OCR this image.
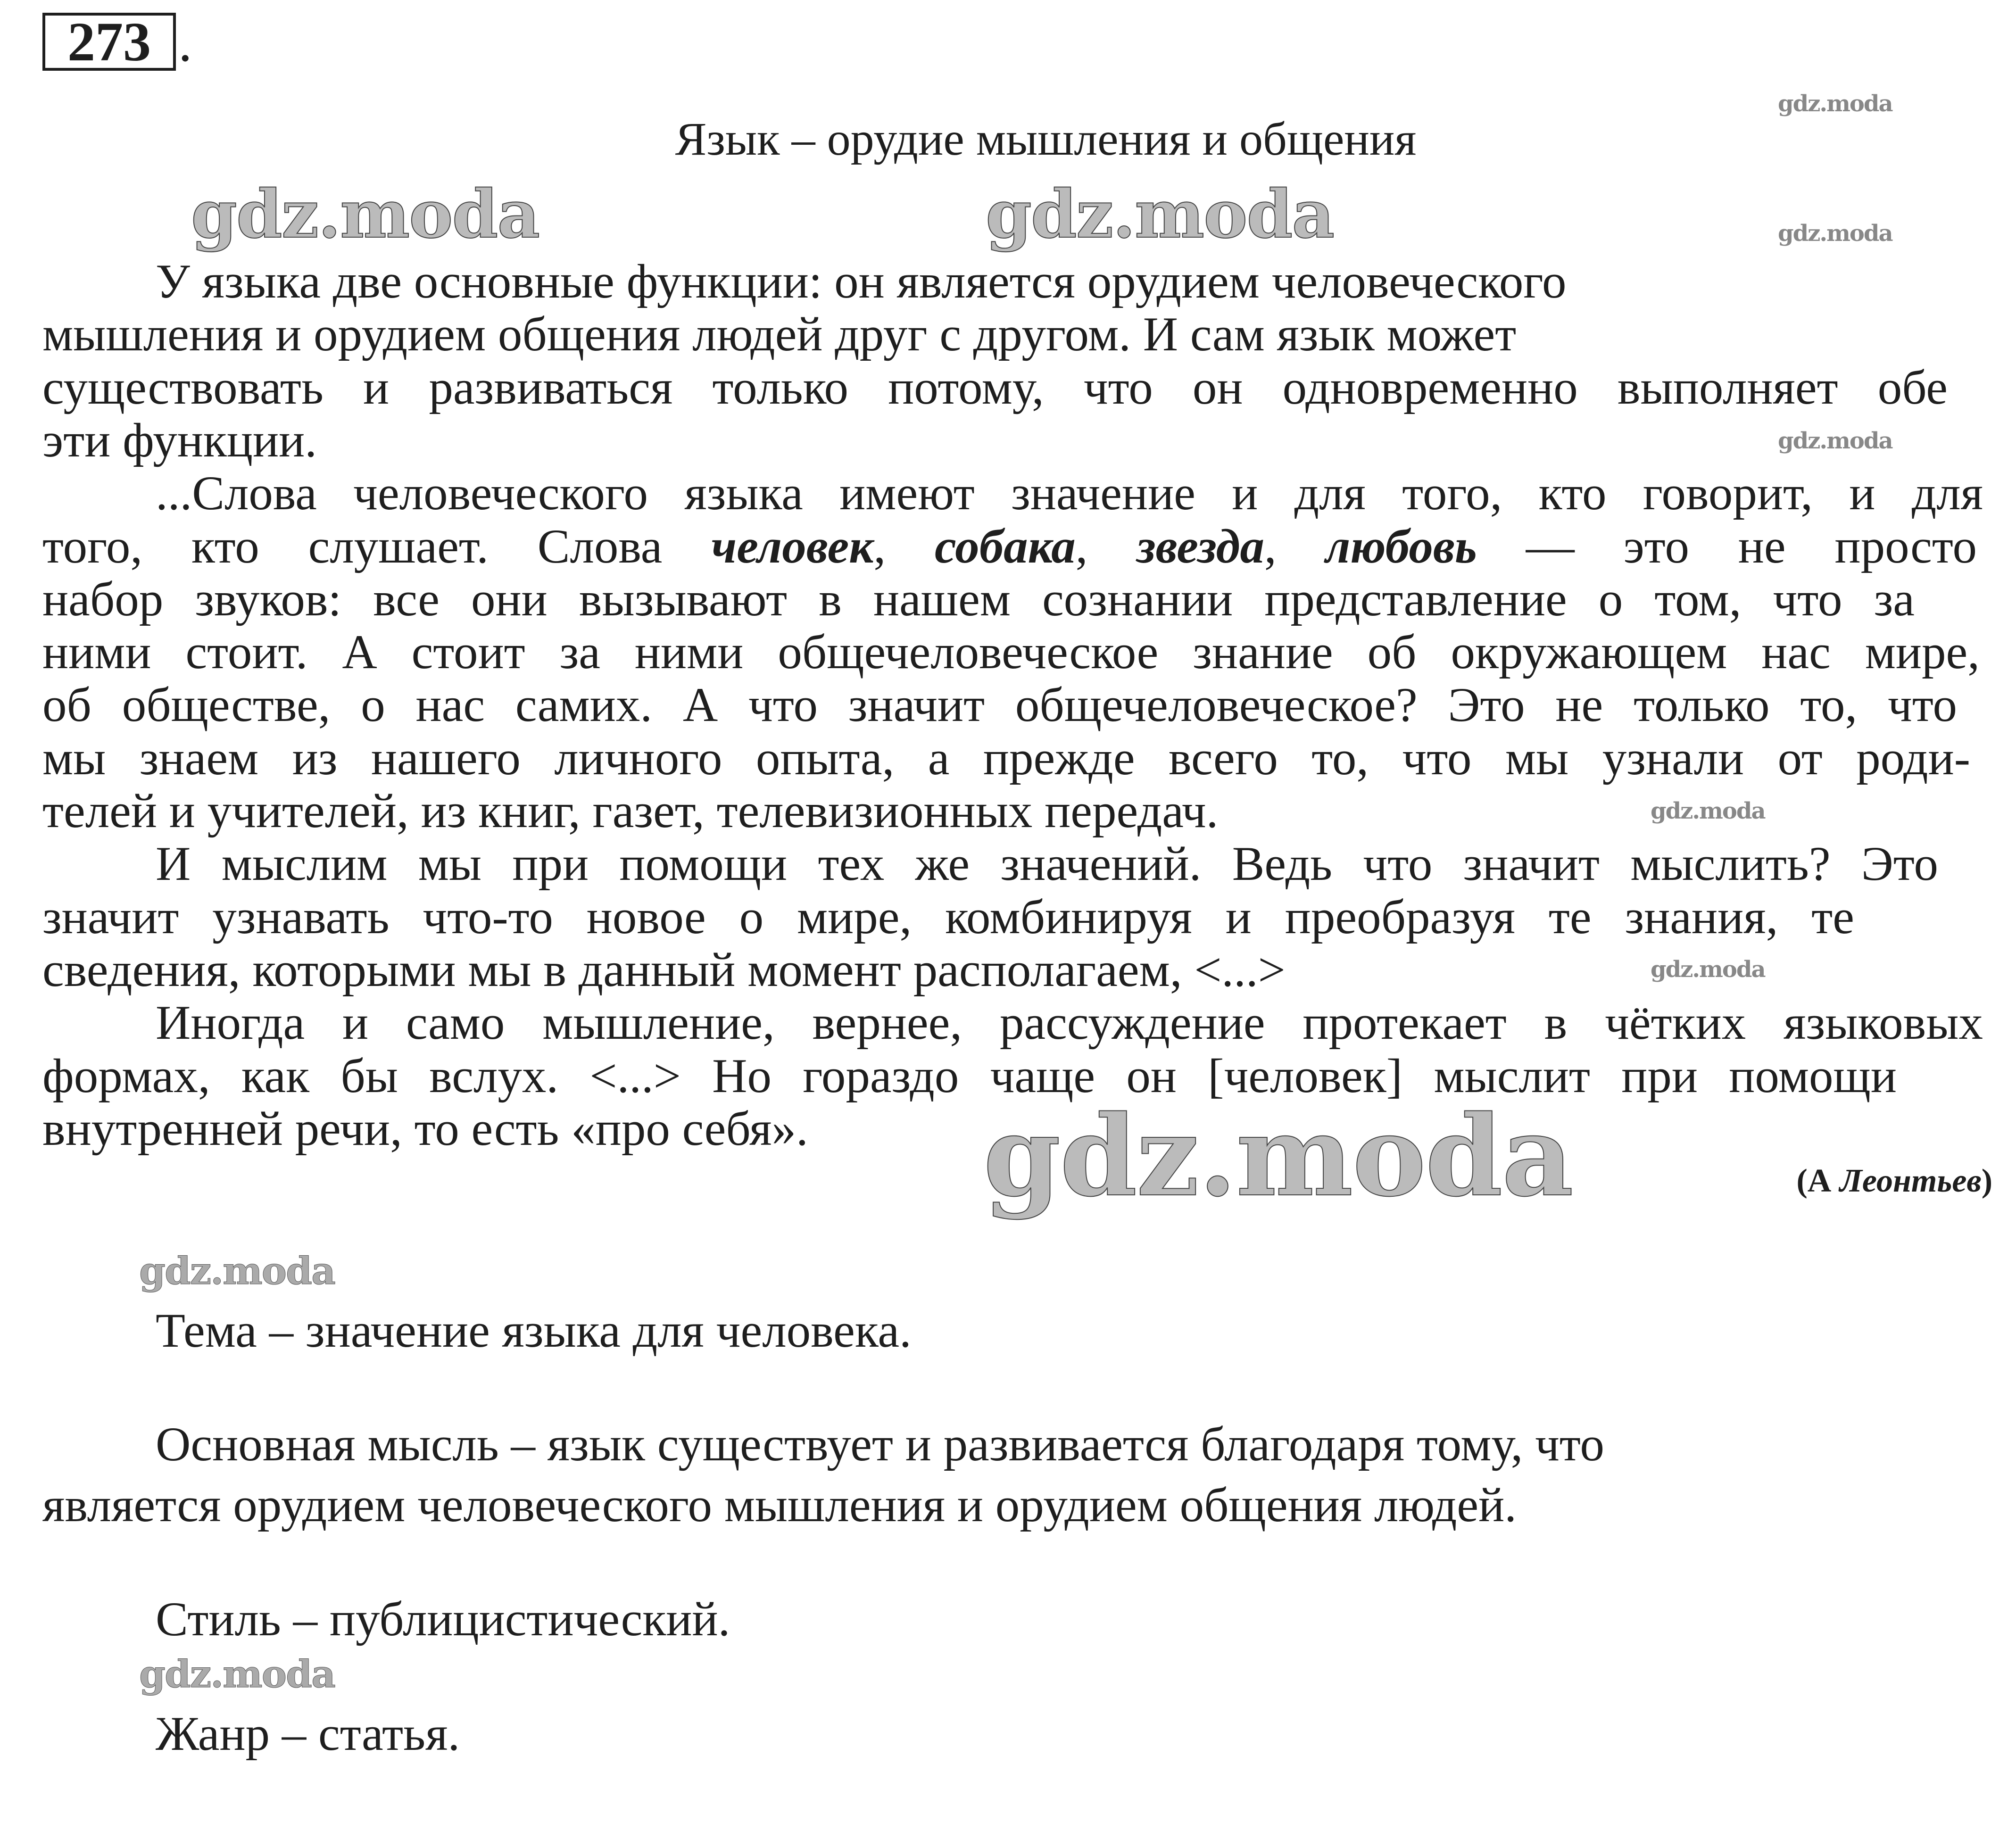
273 .
Язык – орудие мышления и общения
У языка две основные функции: он является орудием человеческого
мышления и орудием общения людей друг с другом. И сам язык может
существовать и развиваться только потому, что он одновременно выполняет обе
эти функции.
...Слова человеческого языка имеют значение и для того, кто говорит, и для
того, кто слушает. Слова человек, собака, звезда, любовь — это не просто
набор звуков: все они вызывают в нашем сознании представление о том, что за
ними стоит. А стоит за ними общечеловеческое знание об окружающем нас мире,
об обществе, о нас самих. А что значит общечеловеческое? Это не только то, что
мы знаем из нашего личного опыта, а прежде всего то, что мы узнали от роди-
телей и учителей, из книг, газет, телевизионных передач.
И мыслим мы при помощи тех же значений. Ведь что значит мыслить? Это
значит узнавать что-то новое о мире, комбинируя и преобразуя те знания, те
сведения, которыми мы в данный момент располагаем, <...>
Иногда и само мышление, вернее, рассуждение протекает в чётких языковых
формах, как бы вслух. <...> Но гораздо чаще он [человек] мыслит при помощи
внутренней речи, то есть «про себя».
(А Леонтьев)
Тема – значение языка для человека.
Основная мысль – язык существует и развивается благодаря тому, что
является орудием человеческого мышления и орудием общения людей.
Стиль – публицистический.
Жанр – статья.
gdz.moda	gdz.moda
gdz.moda
gdz.moda
gdz.moda
gdz.moda
gdz.moda
gdz.moda
gdz.moda
gdz.moda
